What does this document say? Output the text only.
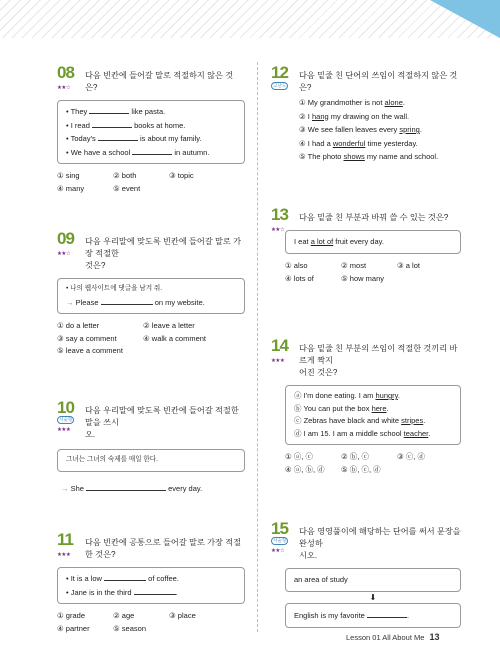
08
★★☆
다음 빈칸에 들어갈 말로 적절하지 않은 것은?
• They	like pasta.
• I read	books at home.
• Today's	is about my family.
• We have a school	in autumn.
① sing	② both	③ topic
④ many	⑤ event
09
★★☆
다음 우리말에 맞도록 빈칸에 들어갈 말로 가장 적절한
것은?
• 나의 웹사이트에 댓글을 남겨 줘.
→ Please	on my website.
① do a letter	② leave a letter
③ say a comment	④ walk a comment
⑤ leave a comment
10
서술형
★★★
다음 우리말에 맞도록 빈칸에 들어갈 적절한 말을 쓰시
오.
그녀는 그녀의 숙제를 매일 한다.
→ She	every day.
11
★★★
다음 빈칸에 공통으로 들어갈 말로 가장 적절한 것은?
• It is a low	of coffee.
• Jane is in the third	.
① grade	② age	③ place
④ partner	⑤ season
12
고난도
다음 밑줄 친 단어의 쓰임이 적절하지 않은 것은?
① My grandmother is not alone.
② I hang my drawing on the wall.
③ We see fallen leaves every spring.
④ I had a wonderful time yesterday.
⑤ The photo shows my name and school.
13
★★☆
다음 밑줄 친 부분과 바꿔 쓸 수 있는 것은?
I eat a lot of fruit every day.
① also	② most	③ a lot
④ lots of	⑤ how many
14
★★★
다음 밑줄 친 부분의 쓰임이 적절한 것끼리 바르게 짝지
어진 것은?
ⓐ I'm done eating. I am hungry.
ⓑ You can put the box here.
ⓒ Zebras have black and white stripes.
ⓓ I am 15. I am a middle school teacher.
① ⓐ, ⓒ	② ⓑ, ⓒ	③ ⓒ, ⓓ
④ ⓐ, ⓑ, ⓓ ⑤ ⓑ, ⓒ, ⓓ
15
서술형
★★☆
다음 영영풀이에 해당하는 단어를 써서 문장을 완성하
시오.
an area of study
⬇
English is my favorite	.
Lesson 01 All About Me 13
